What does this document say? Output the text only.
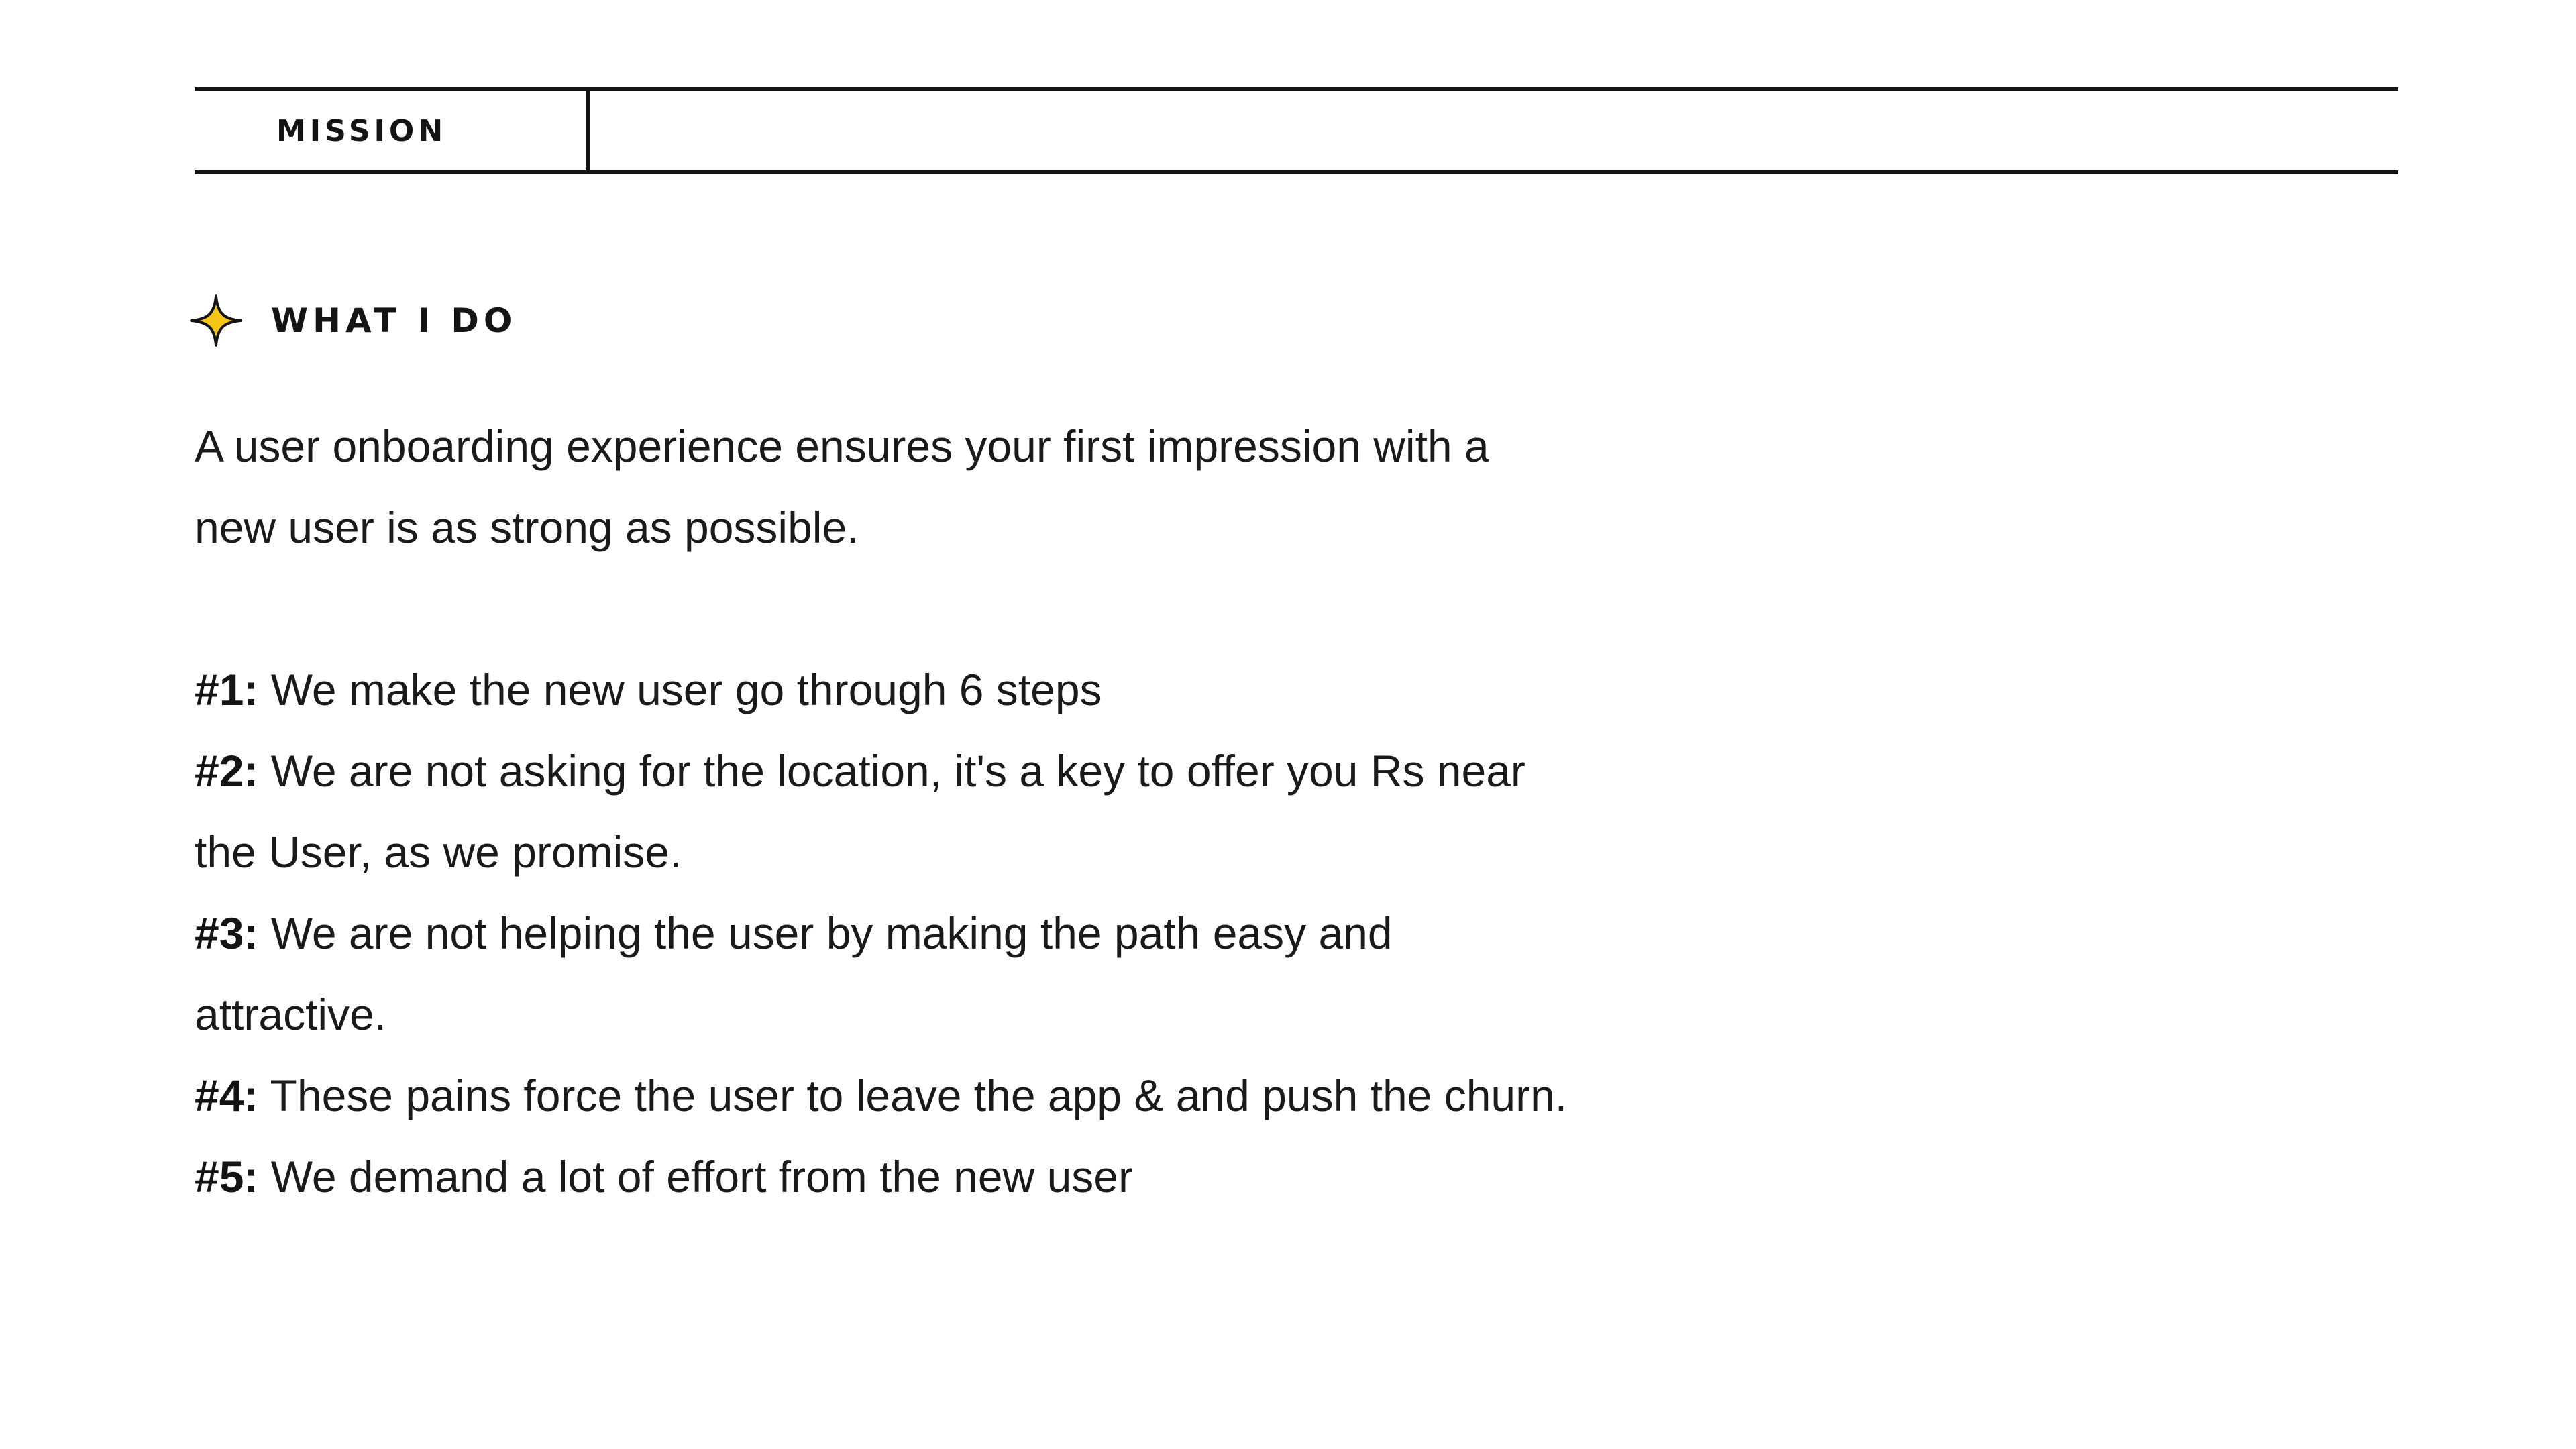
MISSION
WHAT I DO

A user onboarding experience ensures your first impression with a new user is as strong as possible.

#1: We make the new user go through 6 steps

#2: We are not asking for the location, it's a key to offer you Rs near the User, as we promise.

#3: We are not helping the user by making the path easy and attractive.

#4: These pains force the user to leave the app & and push the churn.

#5: We demand a lot of effort from the new user
